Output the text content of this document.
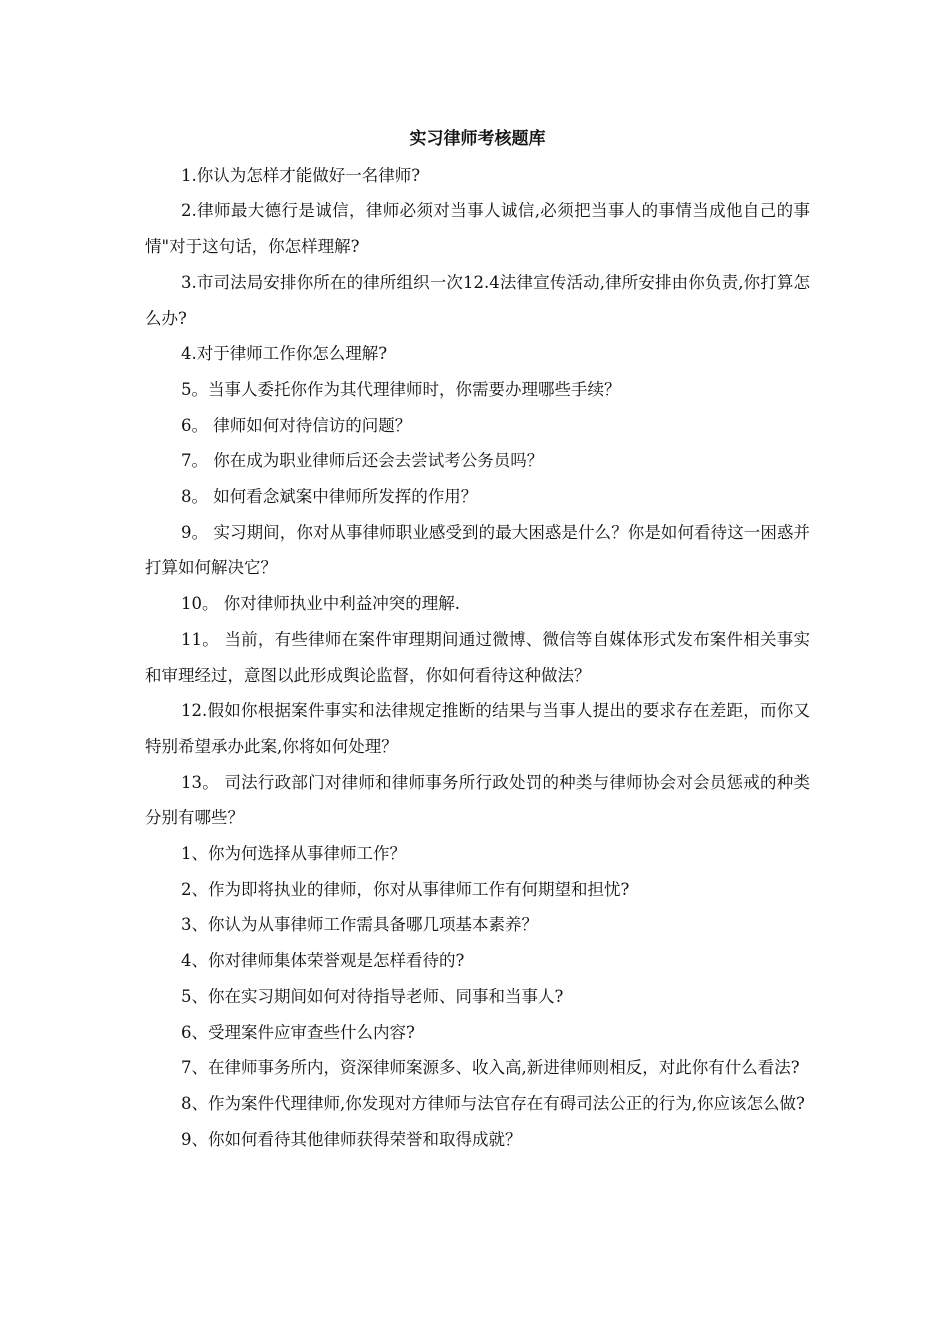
实习律师考核题库

1.你认为怎样才能做好一名律师?

2.律师最大德行是诚信，律师必须对当事人诚信,必须把当事人的事情当成他自己的事情"对于这句话，你怎样理解?

3.市司法局安排你所在的律所组织一次12.4法律宣传活动,律所安排由你负责,你打算怎么办?

4.对于律师工作你怎么理解?

5。当事人委托你作为其代理律师时，你需要办理哪些手续？

6。 律师如何对待信访的问题？

7。 你在成为职业律师后还会去尝试考公务员吗？

8。 如何看念斌案中律师所发挥的作用？

9。 实习期间，你对从事律师职业感受到的最大困惑是什么？你是如何看待这一困惑并打算如何解决它？

10。 你对律师执业中利益冲突的理解.

11。 当前，有些律师在案件审理期间通过微博、微信等自媒体形式发布案件相关事实和审理经过，意图以此形成舆论监督，你如何看待这种做法？

12.假如你根据案件事实和法律规定推断的结果与当事人提出的要求存在差距，而你又特别希望承办此案,你将如何处理？

13。 司法行政部门对律师和律师事务所行政处罚的种类与律师协会对会员惩戒的种类分别有哪些？

1、你为何选择从事律师工作？

2、作为即将执业的律师，你对从事律师工作有何期望和担忧?

3、你认为从事律师工作需具备哪几项基本素养？

4、你对律师集体荣誉观是怎样看待的?

5、你在实习期间如何对待指导老师、同事和当事人?

6、受理案件应审查些什么内容?

7、在律师事务所内，资深律师案源多、收入高,新进律师则相反，对此你有什么看法?

8、作为案件代理律师,你发现对方律师与法官存在有碍司法公正的行为,你应该怎么做?

9、你如何看待其他律师获得荣誉和取得成就？
